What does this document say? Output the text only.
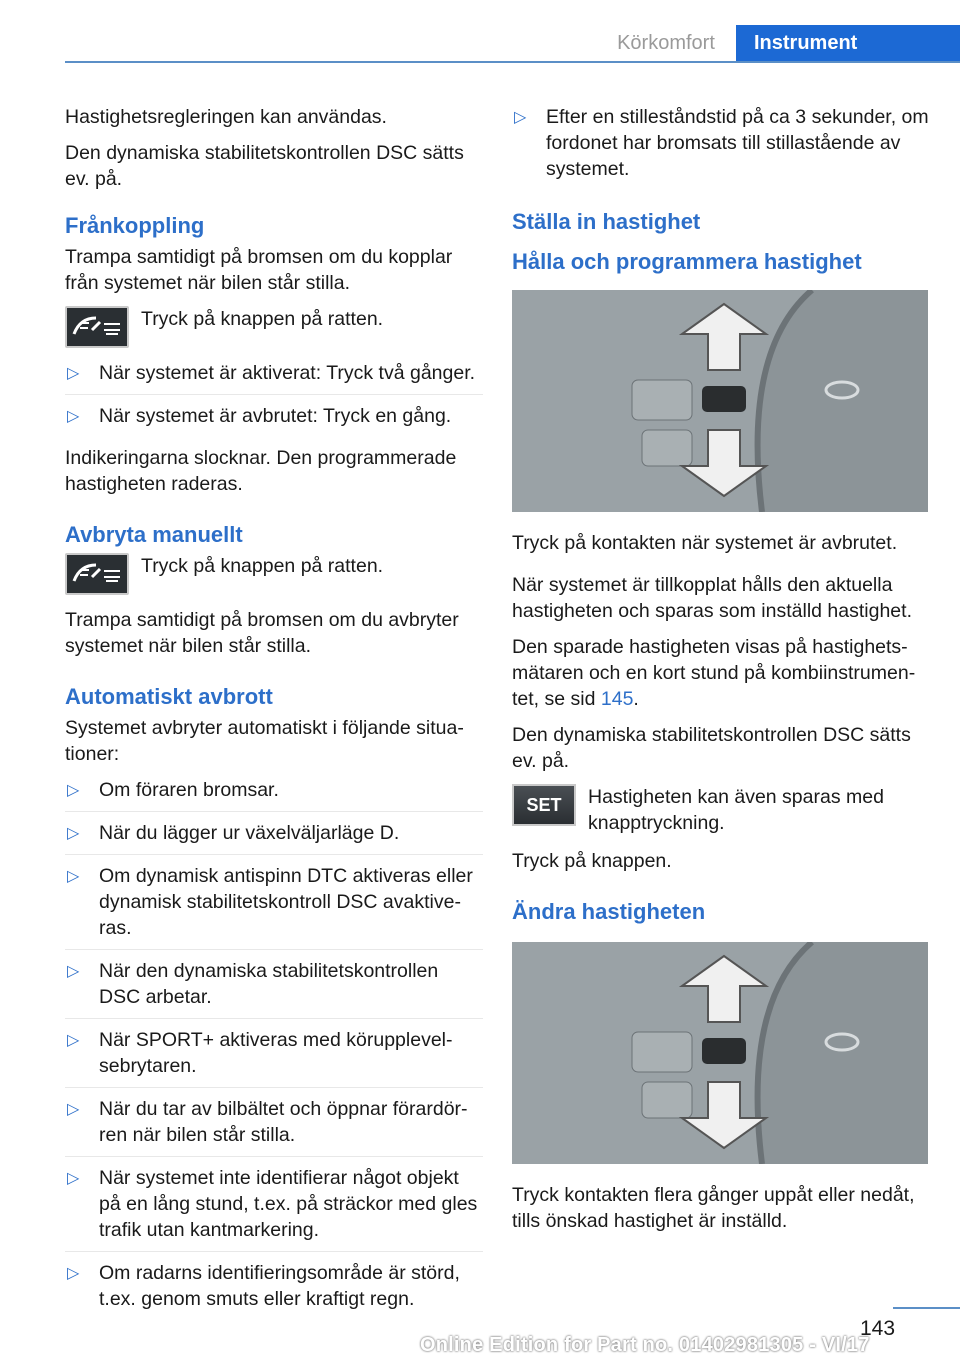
Körkomfort	Instrument

Hastighetsregleringen kan användas.

Den dynamiska stabilitetskontrollen DSC sätts ev. på.

Frånkoppling

Trampa samtidigt på bromsen om du kopplar från systemet när bilen står stilla.

Tryck på knappen på ratten.
▷ När systemet är aktiverat: Tryck två gånger.
▷ När systemet är avbrutet: Tryck en gång.

Indikeringarna slocknar. Den programmerade hastigheten raderas.

Avbryta manuellt
Tryck på knappen på ratten.

Trampa samtidigt på bromsen om du avbryter systemet när bilen står stilla.

Automatiskt avbrott

Systemet avbryter automatiskt i följande situa‐tioner:

▷ Om föraren bromsar.
▷ När du lägger ur växelväljarläge D.
▷ Om dynamisk antispinn DTC aktiveras eller dynamisk stabilitetskontroll DSC avaktive‐ras.
▷ När den dynamiska stabilitetskontrollen DSC arbetar.
▷ När SPORT+ aktiveras med körupplevel‐sebrytaren.
▷ När du tar av bilbältet och öppnar förardör‐ren när bilen står stilla.
▷ När systemet inte identifierar något objekt på en lång stund, t.ex. på sträckor med gles trafik utan kantmarkering.
▷ Om radarns identifieringsområde är störd, t.ex. genom smuts eller kraftigt regn.
▷ Efter en stilleståndstid på ca 3 sekunder, om fordonet har bromsats till stillastående av systemet.
Ställa in hastighet
Hålla och programmera hastighet

Tryck på kontakten när systemet är avbrutet.

När systemet är tillkopplat hålls den aktuella hastigheten och sparas som inställd hastighet.

Den sparade hastigheten visas på hastighets‐mätaren och en kort stund på kombiinstrumen‐tet, se sid 145.

Den dynamiska stabilitetskontrollen DSC sätts ev. på.

SET	Hastigheten kan även sparas med knapptryckning.

Tryck på knappen.

Ändra hastigheten

Tryck kontakten flera gånger uppåt eller nedåt, tills önskad hastighet är inställd.

143
Online Edition for Part no. 01402981305 - VI/17
